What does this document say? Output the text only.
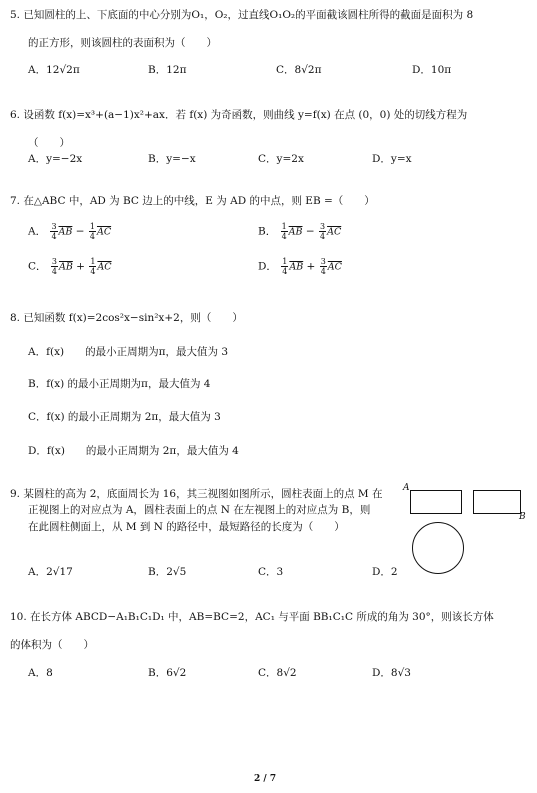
5. 已知圆柱的上、下底面的中心分别为O₁，O₂，过直线O₁O₂的平面截该圆柱所得的截面是面积为 8
的正方形，则该圆柱的表面积为（　　）
A．12√2π	B．12π	C．8√2π	D．10π
6. 设函数 f(x)=x³+(a−1)x²+ax．若 f(x) 为奇函数，则曲线 y=f(x) 在点 (0，0) 处的切线方程为
（　　）
A．y=−2x	B．y=−x	C．y=2x	D．y=x
7. 在△ABC 中，AD 为 BC 边上的中线，E 为 AD 的中点，则 EB =（　　）
A． $\frac{3}{4} \overline{AB} - \frac{1}{4} \overline{AC}$	B． $\frac{1}{4} \overline{AB} - \frac{3}{4} \overline{AC}$
C． $\frac{3}{4} \overline{AB} + \frac{1}{4} \overline{AC}$	D． $\frac{1}{4} \overline{AB} + \frac{3}{4} \overline{AC}$
8. 已知函数 f(x)=2cos²x−sin²x+2，则（　　）
A．f(x)　　的最小正周期为π，最大值为 3
B．f(x) 的最小正周期为π，最大值为 4
C．f(x) 的最小正周期为 2π，最大值为 3
D．f(x)　　的最小正周期为 2π，最大值为 4
9. 某圆柱的高为 2，底面周长为 16，其三视图如图所示，圆柱表面上的点 M 在
正视图上的对应点为 A，圆柱表面上的点 N 在左视图上的对应点为 B，则
在此圆柱侧面上，从 M 到 N 的路径中，最短路径的长度为（　　）
A．2√17	B．2√5	C．3	D．2
A
B
10. 在长方体 ABCD−A₁B₁C₁D₁ 中，AB=BC=2，AC₁ 与平面 BB₁C₁C 所成的角为 30°，则该长方体
的体积为（　　）
A．8	B．6√2	C．8√2	D．8√3
2 / 7
